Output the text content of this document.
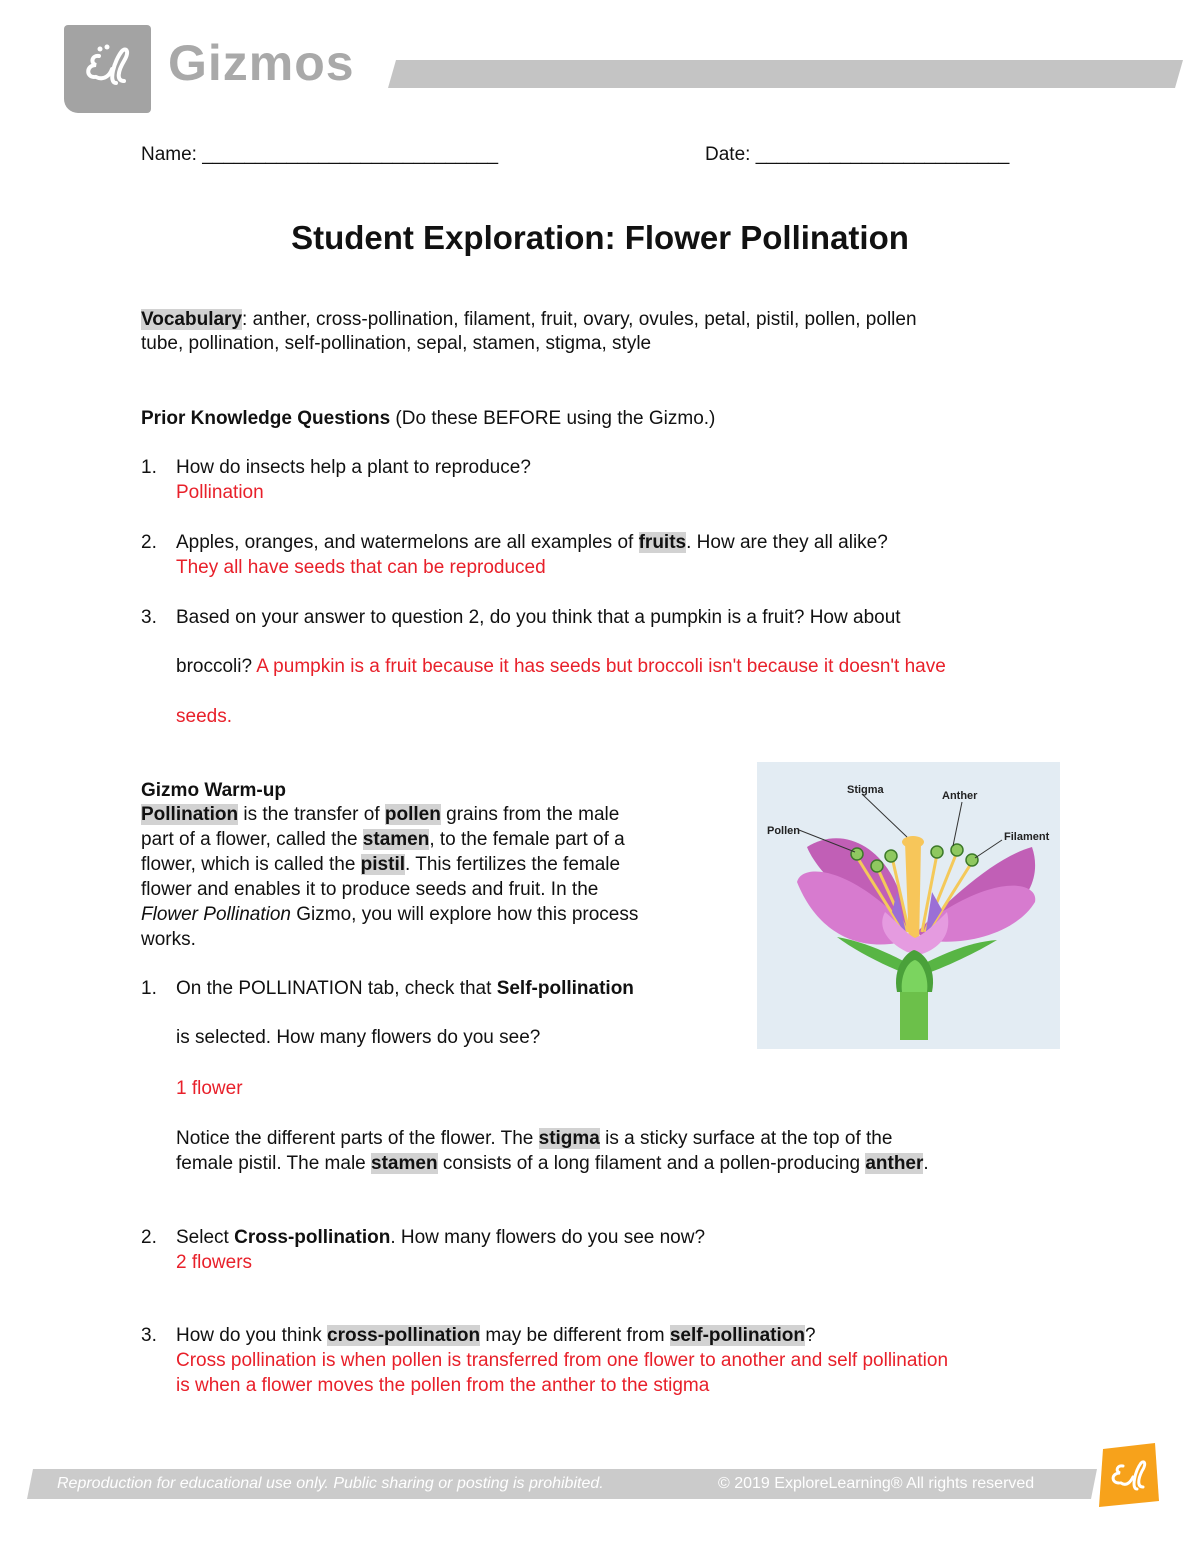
Gizmos
Name: ____________________________	Date: ________________________
Student Exploration: Flower Pollination
Vocabulary: anther, cross-pollination, filament, fruit, ovary, ovules, petal, pistil, pollen, pollen
tube, pollination, self-pollination, sepal, stamen, stigma, style
Prior Knowledge Questions (Do these BEFORE using the Gizmo.)
1. How do insects help a plant to reproduce?
Pollination
2. Apples, oranges, and watermelons are all examples of fruits. How are they all alike?
They all have seeds that can be reproduced
3. Based on your answer to question 2, do you think that a pumpkin is a fruit? How about
broccoli? A pumpkin is a fruit because it has seeds but broccoli isn't because it doesn't have
seeds.
Gizmo Warm-up
Pollination is the transfer of pollen grains from the male
part of a flower, called the stamen, to the female part of a
flower, which is called the pistil. This fertilizes the female
flower and enables it to produce seeds and fruit. In the
Flower Pollination Gizmo, you will explore how this process
works.
1. On the POLLINATION tab, check that Self-pollination
is selected. How many flowers do you see?
1 flower
Notice the different parts of the flower. The stigma is a sticky surface at the top of the
female pistil. The male stamen consists of a long filament and a pollen-producing anther.
2. Select Cross-pollination. How many flowers do you see now?
2 flowers
3. How do you think cross-pollination may be different from self-pollination?
Cross pollination is when pollen is transferred from one flower to another and self pollination
is when a flower moves the pollen from the anther to the stigma
Stigma	Anther
Pollen	Filament
Reproduction for educational use only. Public sharing or posting is prohibited.	© 2019 ExploreLearning® All rights reserved
